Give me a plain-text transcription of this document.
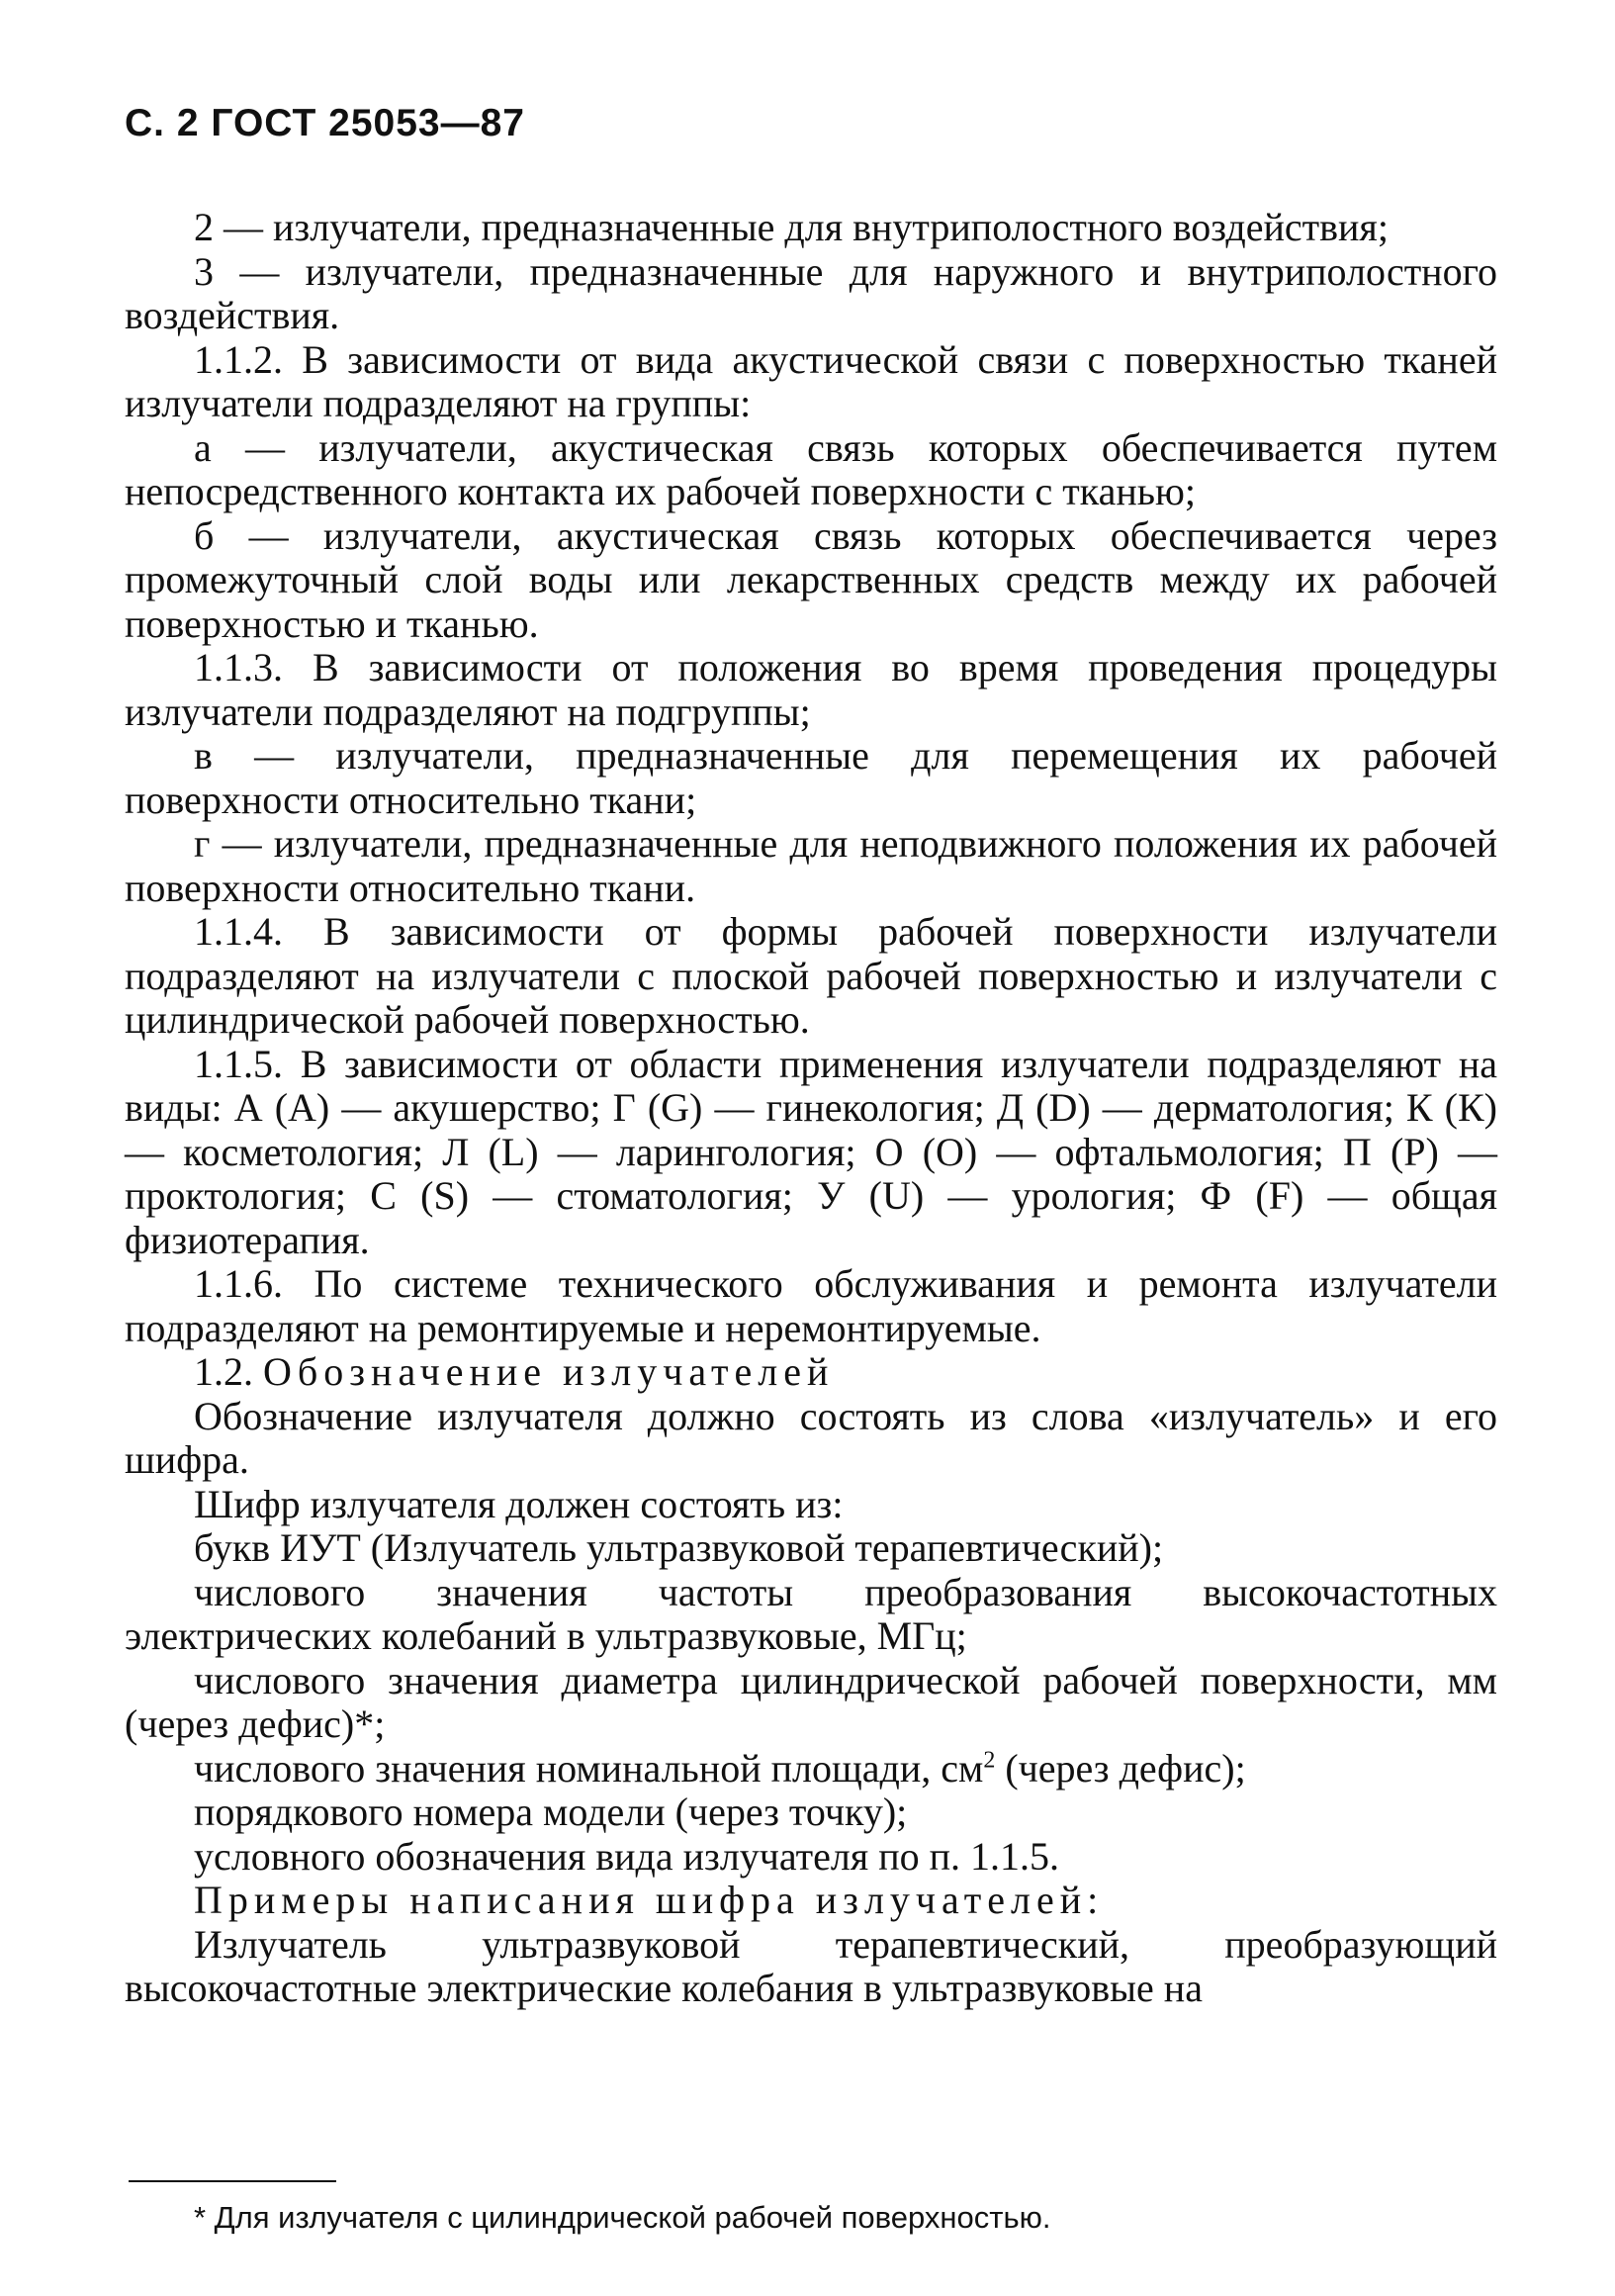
С. 2 ГОСТ 25053—87

2 — излучатели, предназначенные для внутриполостного воздействия;

3 — излучатели, предназначенные для наружного и внутриполостного воздействия.

1.1.2. В зависимости от вида акустической связи с поверхностью тканей излучатели подразделяют на группы:

а — излучатели, акустическая связь которых обеспечивается путем непосредственного контакта их рабочей поверхности с тканью;

б — излучатели, акустическая связь которых обеспечивается через промежуточный слой воды или лекарственных средств между их рабочей поверхностью и тканью.

1.1.3. В зависимости от положения во время проведения процедуры излучатели подразделяют на подгруппы;

в — излучатели, предназначенные для перемещения их рабочей поверхности относительно ткани;

г — излучатели, предназначенные для неподвижного положения их рабочей поверхности относительно ткани.

1.1.4. В зависимости от формы рабочей поверхности излучатели подразделяют на излучатели с плоской рабочей поверхностью и излучатели с цилиндрической рабочей поверхностью.

1.1.5. В зависимости от области применения излучатели подразделяют на виды: А (А) — акушерство; Г (G) — гинекология; Д (D) — дерматология; К (К) — косметология; Л (L) — ларингология; О (О) — офтальмология; П (Р) — проктология; С (S) — стоматология; У (U) — урология; Ф (F) — общая физиотерапия.

1.1.6. По системе технического обслуживания и ремонта излучатели подразделяют на ремонтируемые и неремонтируемые.

1.2. Обозначение излучателей

Обозначение излучателя должно состоять из слова «излучатель» и его шифра.

Шифр излучателя должен состоять из:

букв ИУТ (Излучатель ультразвуковой терапевтический);

числового значения частоты преобразования высокочастотных электрических колебаний в ультразвуковые, МГц;

числового значения диаметра цилиндрической рабочей поверхности, мм (через дефис)*;

числового значения номинальной площади, $см^2$ (через дефис);

порядкового номера модели (через точку);

условного обозначения вида излучателя по п. 1.1.5.

Примеры написания шифра излучателей:

Излучатель ультразвуковой терапевтический, преобразующий высокочастотные электрические колебания в ультразвуковые на

* Для излучателя с цилиндрической рабочей поверхностью.
